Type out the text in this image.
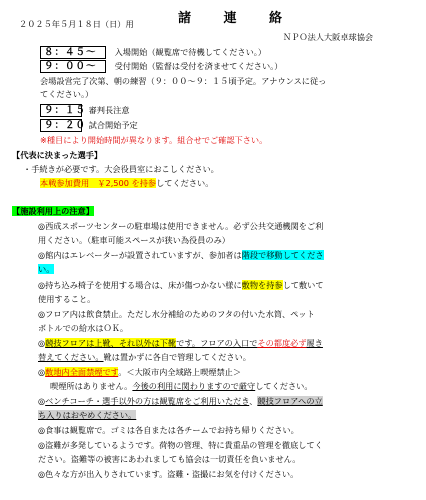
２０２５年５月１８日（日）用	諸 連 絡
ＮＰＯ法人大阪卓球協会
８：４５～ 入場開始（観覧席で待機してください。）
９：００～ 受付開始（監督は受付を済ませてください。）
会場設営完了次第、朝の練習（９：００～９：１５頃予定。アナウンスに従っ
てください。）
９：１５ 審判長注意
９：２０ 試合開始予定
※種目により開始時間が異なります。組合せでご確認下さい。
【代表に決まった選手】
・手続きが必要です。大会役員室におこしください。
本戦参加費用　￥2,500 を持参してください。
【施設利用上の注意】
◎西成スポーツセンターの駐車場は使用できません。必ず公共交通機関をご利
用ください。（駐車可能スペースが狭い為役員のみ）
◎館内はエレベーターが設置されていますが、参加者は階段で移動してくださ
い。
◎持ち込み椅子を使用する場合は、床が傷つかない様に敷物を持参して敷いて
使用すること。
◎フロア内は飲食禁止。ただし水分補給のためのフタの付いた水筒、ペット
ボトルでの給水はＯＫ。
◎競技フロアは上靴、それ以外は下靴です。フロアの入口でその都度必ず履き
替えてください。靴は置かずに各自で管理してください。
◎敷地内全面禁煙です。＜大阪市内全域路上喫煙禁止＞
喫煙所はありません。今後の利用に関わりますので厳守してください。
◎ベンチコーチ・選手以外の方は観覧席をご利用いただき、競技フロアへの立
ち入りはおやめください。
◎食事は観覧席で。ゴミは各自または各チームでお持ち帰りください。
◎盗難が多発しているようです。荷物の管理、特に貴重品の管理を徹底してく
ださい。盗難等の被害にあわれましても協会は一切責任を負いません。
◎色々な方が出入りされています。盗難・盗撮にお気を付けください。
